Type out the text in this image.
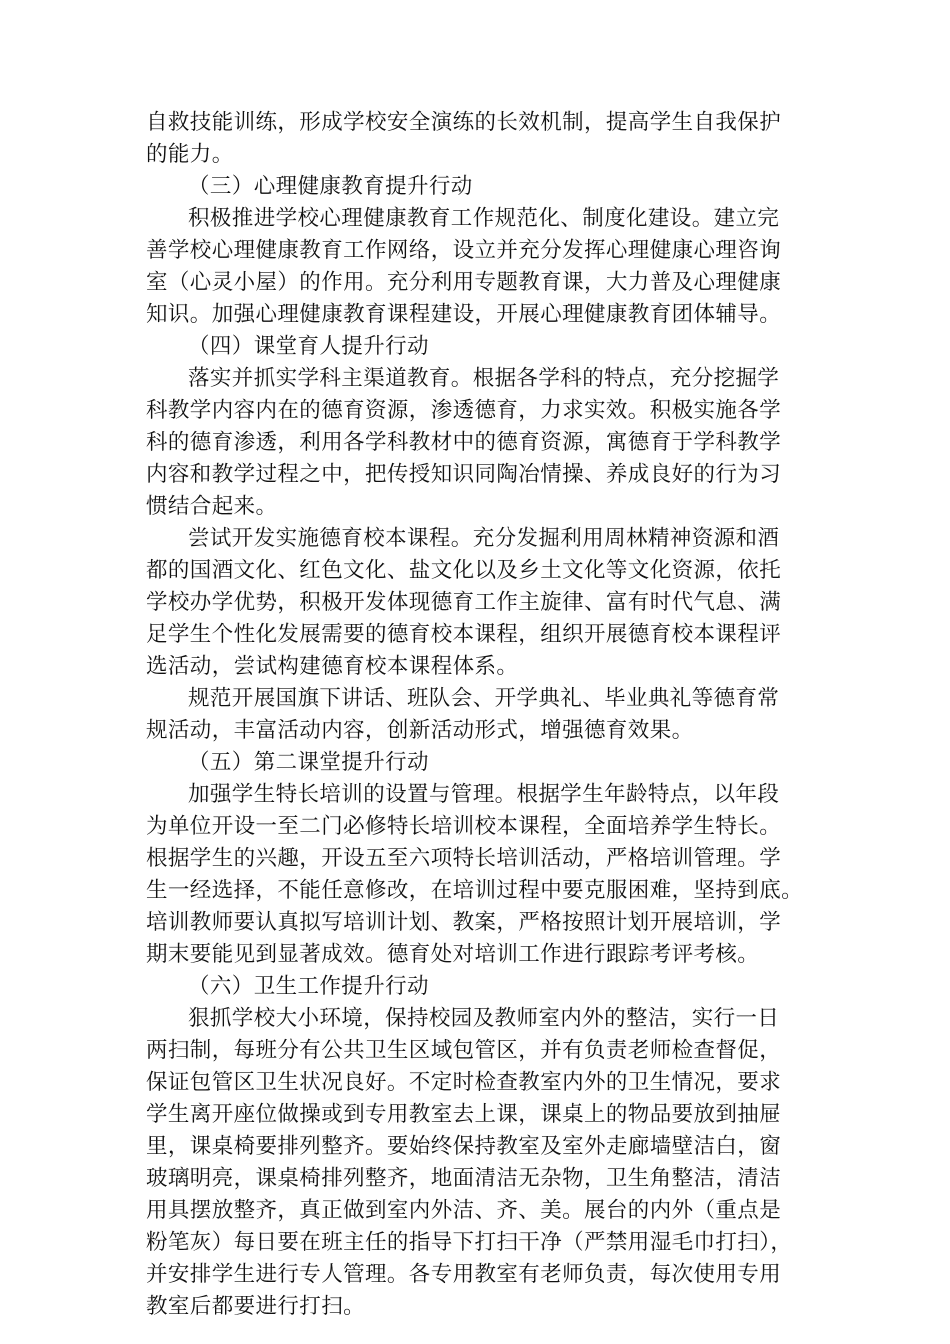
自救技能训练，形成学校安全演练的长效机制，提高学生自我保护
的能力。
（三）心理健康教育提升行动
积极推进学校心理健康教育工作规范化、制度化建设。建立完
善学校心理健康教育工作网络，设立并充分发挥心理健康心理咨询
室（心灵小屋）的作用。充分利用专题教育课，大力普及心理健康
知识。加强心理健康教育课程建设，开展心理健康教育团体辅导。
（四）课堂育人提升行动
落实并抓实学科主渠道教育。根据各学科的特点，充分挖掘学
科教学内容内在的德育资源，渗透德育，力求实效。积极实施各学
科的德育渗透，利用各学科教材中的德育资源，寓德育于学科教学
内容和教学过程之中，把传授知识同陶冶情操、养成良好的行为习
惯结合起来。
尝试开发实施德育校本课程。充分发掘利用周林精神资源和酒
都的国酒文化、红色文化、盐文化以及乡土文化等文化资源，依托
学校办学优势，积极开发体现德育工作主旋律、富有时代气息、满
足学生个性化发展需要的德育校本课程，组织开展德育校本课程评
选活动，尝试构建德育校本课程体系。
规范开展国旗下讲话、班队会、开学典礼、毕业典礼等德育常
规活动，丰富活动内容，创新活动形式，增强德育效果。
（五）第二课堂提升行动
加强学生特长培训的设置与管理。根据学生年龄特点，以年段
为单位开设一至二门必修特长培训校本课程，全面培养学生特长。
根据学生的兴趣，开设五至六项特长培训活动，严格培训管理。学
生一经选择，不能任意修改，在培训过程中要克服困难，坚持到底。
培训教师要认真拟写培训计划、教案，严格按照计划开展培训，学
期末要能见到显著成效。德育处对培训工作进行跟踪考评考核。
（六）卫生工作提升行动
狠抓学校大小环境，保持校园及教师室内外的整洁，实行一日
两扫制，每班分有公共卫生区域包管区，并有负责老师检查督促，
保证包管区卫生状况良好。不定时检查教室内外的卫生情况，要求
学生离开座位做操或到专用教室去上课，课桌上的物品要放到抽屉
里，课桌椅要排列整齐。要始终保持教室及室外走廊墙壁洁白，窗
玻璃明亮，课桌椅排列整齐，地面清洁无杂物，卫生角整洁，清洁
用具摆放整齐，真正做到室内外洁、齐、美。展台的内外（重点是
粉笔灰）每日要在班主任的指导下打扫干净（严禁用湿毛巾打扫），
并安排学生进行专人管理。各专用教室有老师负责，每次使用专用
教室后都要进行打扫。
